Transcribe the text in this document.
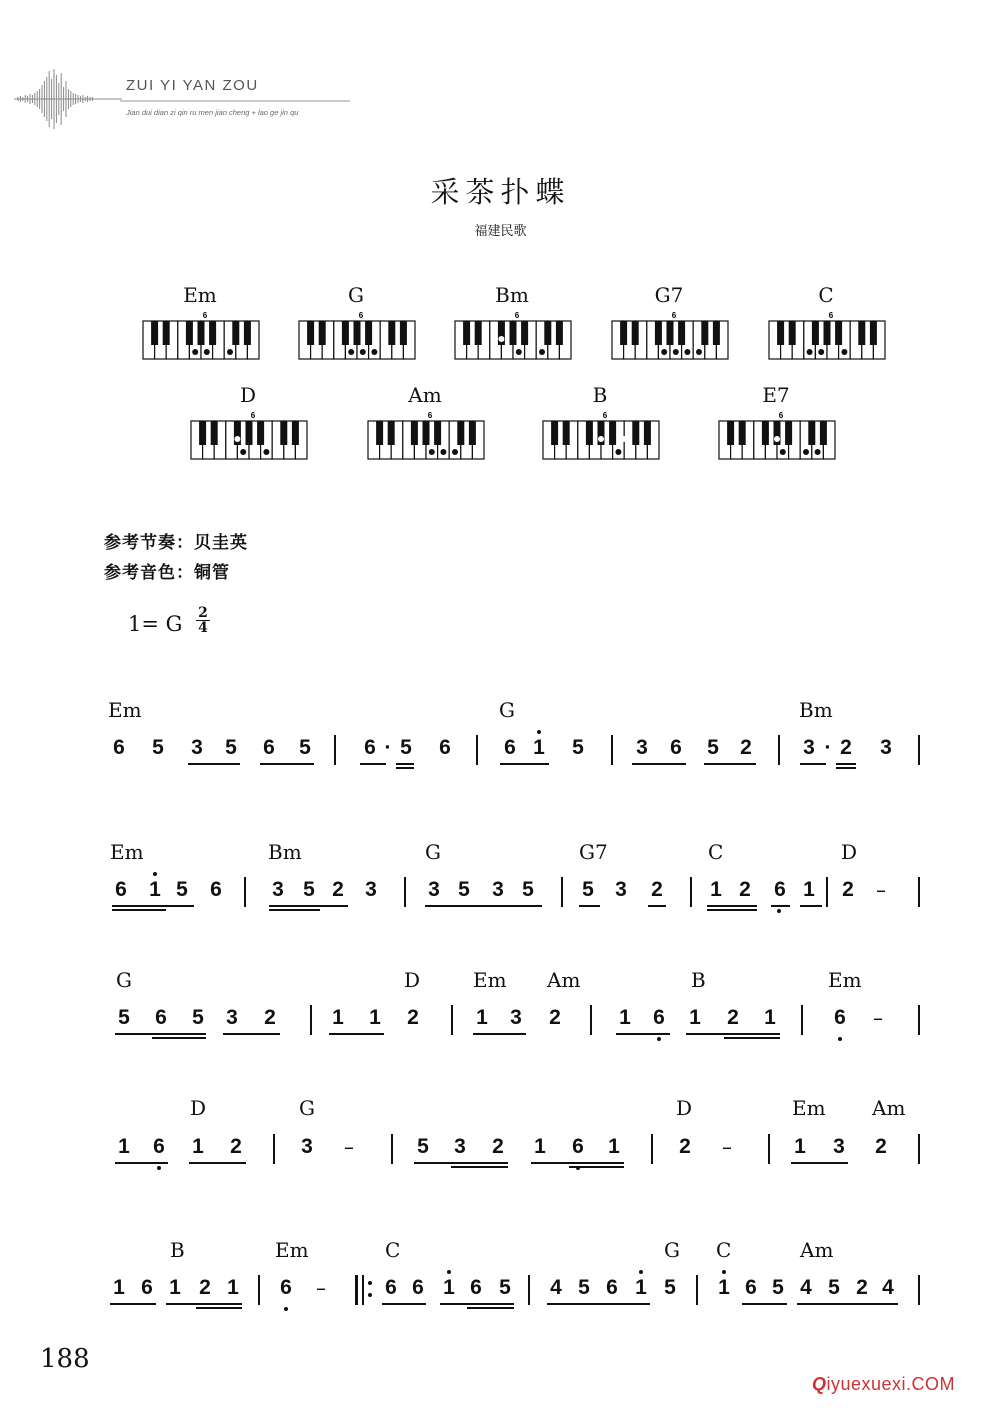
ZUI YI YAN ZOU
Jian dui dian zi qin ru men jian cheng + lao ge jin qu
采茶扑蝶
福建民歌
Em
6
G
6
Bm
6
G7
6
C
6
D
6
Am
6
B
6
E7
6
参考节奏：贝圭英
参考音色：铜管
1= G 2
4
Em	G	Bm
6 5 3 5 6 5	6 · 5 6	6 1 5 3 6 5 2 3 · 2 3
Em	Bm	G	G7	C	D
6 1 5 6 3 5 2 3 3 5 3 5 5 3 2 1 2 6 1 2 –
G	D	Em Am	B	Em
5 6 5 3 2	1 1 2	1 3 2	1 6 1 2 1	6 –
D	G	D	Em Am
1 6 1 2	3 –	5 3 2 1 6 1	2 –	1 3 2
B	Em	C	G C	Am
1 6 1 2 1 6 –	6 6 1 6 5 4 5 6 1 5 1 6 5 4 5 2 4
188
Qiyuexuexi.COM
